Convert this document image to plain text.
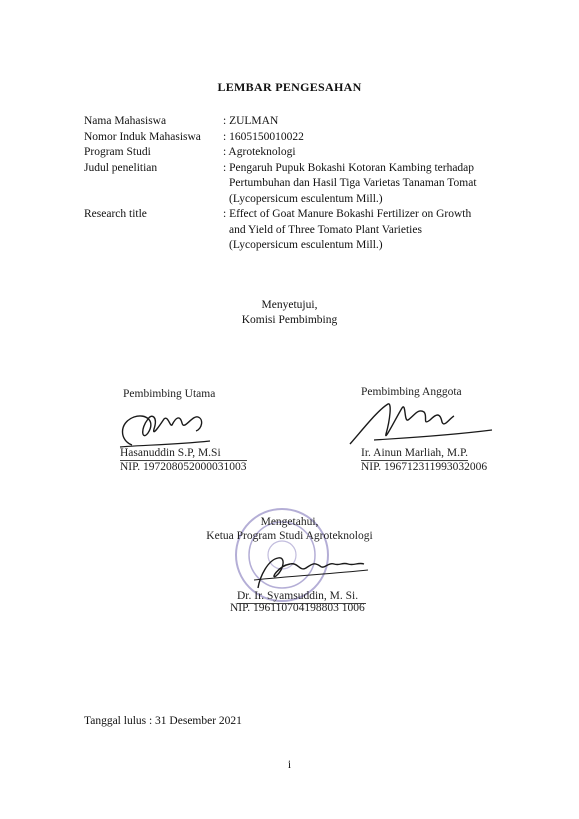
LEMBAR PENGESAHAN
Nama Mahasiswa	: ZULMAN
Nomor Induk Mahasiswa : 1605150010022
Program Studi	: Agroteknologi
Judul penelitian	: Pengaruh Pupuk Bokashi Kotoran Kambing terhadap
Pertumbuhan dan Hasil Tiga Varietas Tanaman Tomat
(Lycopersicum esculentum Mill.)
Research title	: Effect of Goat Manure Bokashi Fertilizer on Growth
and Yield of Three Tomato Plant Varieties
(Lycopersicum esculentum Mill.)
Menyetujui,
Komisi Pembimbing
Pembimbing Utama
Hasanuddin S.P, M.Si
NIP. 197208052000031003
Pembimbing Anggota
Ir. Ainun Marliah, M.P.
NIP. 196712311993032006
Mengetahui,
Ketua Program Studi Agroteknologi
Dr. Ir. Syamsuddin, M. Si.
NIP. 196110704198803 1006
Tanggal lulus : 31 Desember 2021
i
